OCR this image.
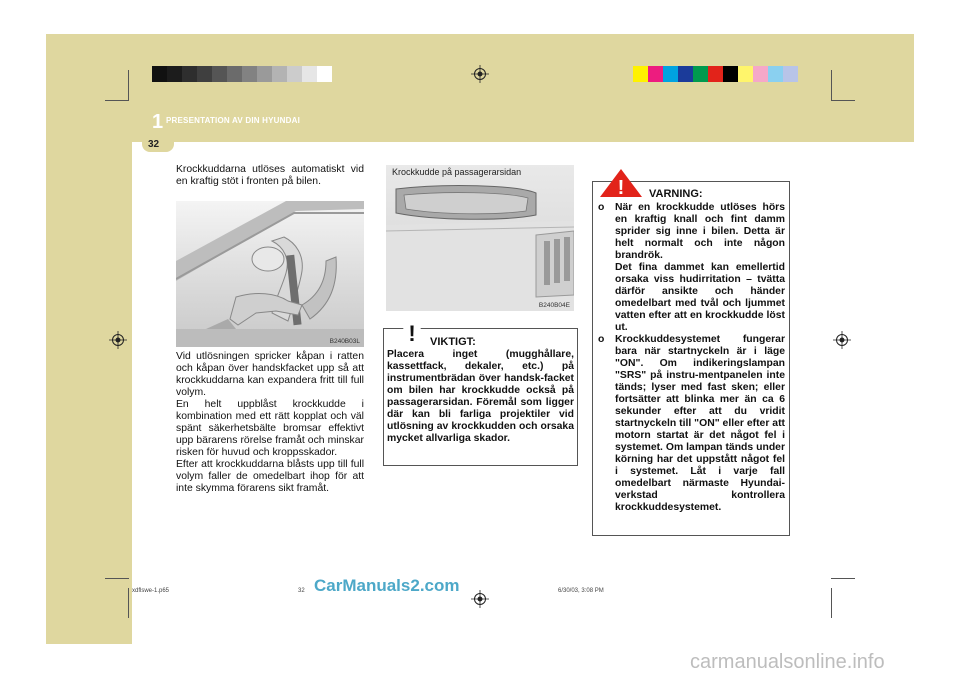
1 PRESENTATION AV DIN HYUNDAI
32
Krockkuddarna utlöses automatiskt vid en kraftig stöt i fronten på bilen.
B240B03L
Vid utlösningen spricker kåpan i ratten och kåpan över handskfacket upp så att krockkuddarna kan expandera fritt till full volym.
En helt uppblåst krockkudde i kombination med ett rätt kopplat och väl spänt säkerhetsbälte bromsar effektivt upp bärarens rörelse framåt och minskar risken för huvud och kroppsskador.
Efter att krockkuddarna blåsts upp till full volym faller de omedelbart ihop för att inte skymma förarens sikt framåt.
Krockkudde på passagerarsidan
B240B04E
! VIKTIGT:
Placera inget (mugghållare, kassettfack, dekaler, etc.) på instrumentbrädan över handsk-facket om bilen har krockkudde också på passagerarsidan. Föremål som ligger där kan bli farliga projektiler vid utlösning av krockkudden och orsaka mycket allvarliga skador.
! VARNING:
o När en krockkudde utlöses hörs en kraftig knall och fint damm sprider sig inne i bilen. Detta är helt normalt och inte någon brandrök.
Det fina dammet kan emellertid orsaka viss hudirritation – tvätta därför ansikte och händer omedelbart med tvål och ljummet vatten efter att en krockkudde löst ut.
o Krockkuddesystemet fungerar bara när startnyckeln är i läge "ON". Om indikeringslampan "SRS" på instru-mentpanelen inte tänds; lyser med fast sken; eller fortsätter att blinka mer än ca 6 sekunder efter att du vridit startnyckeln till "ON" eller efter att motorn startat är det något fel i systemet. Om lampan tänds under körning har det uppstått något fel i systemet. Låt i varje fall omedelbart närmaste Hyundai-verkstad kontrollera krockkuddesystemet.
xdflswe-1.p65	32	6/30/03, 3:08 PM
CarManuals2.com
carmanualsonline.info
